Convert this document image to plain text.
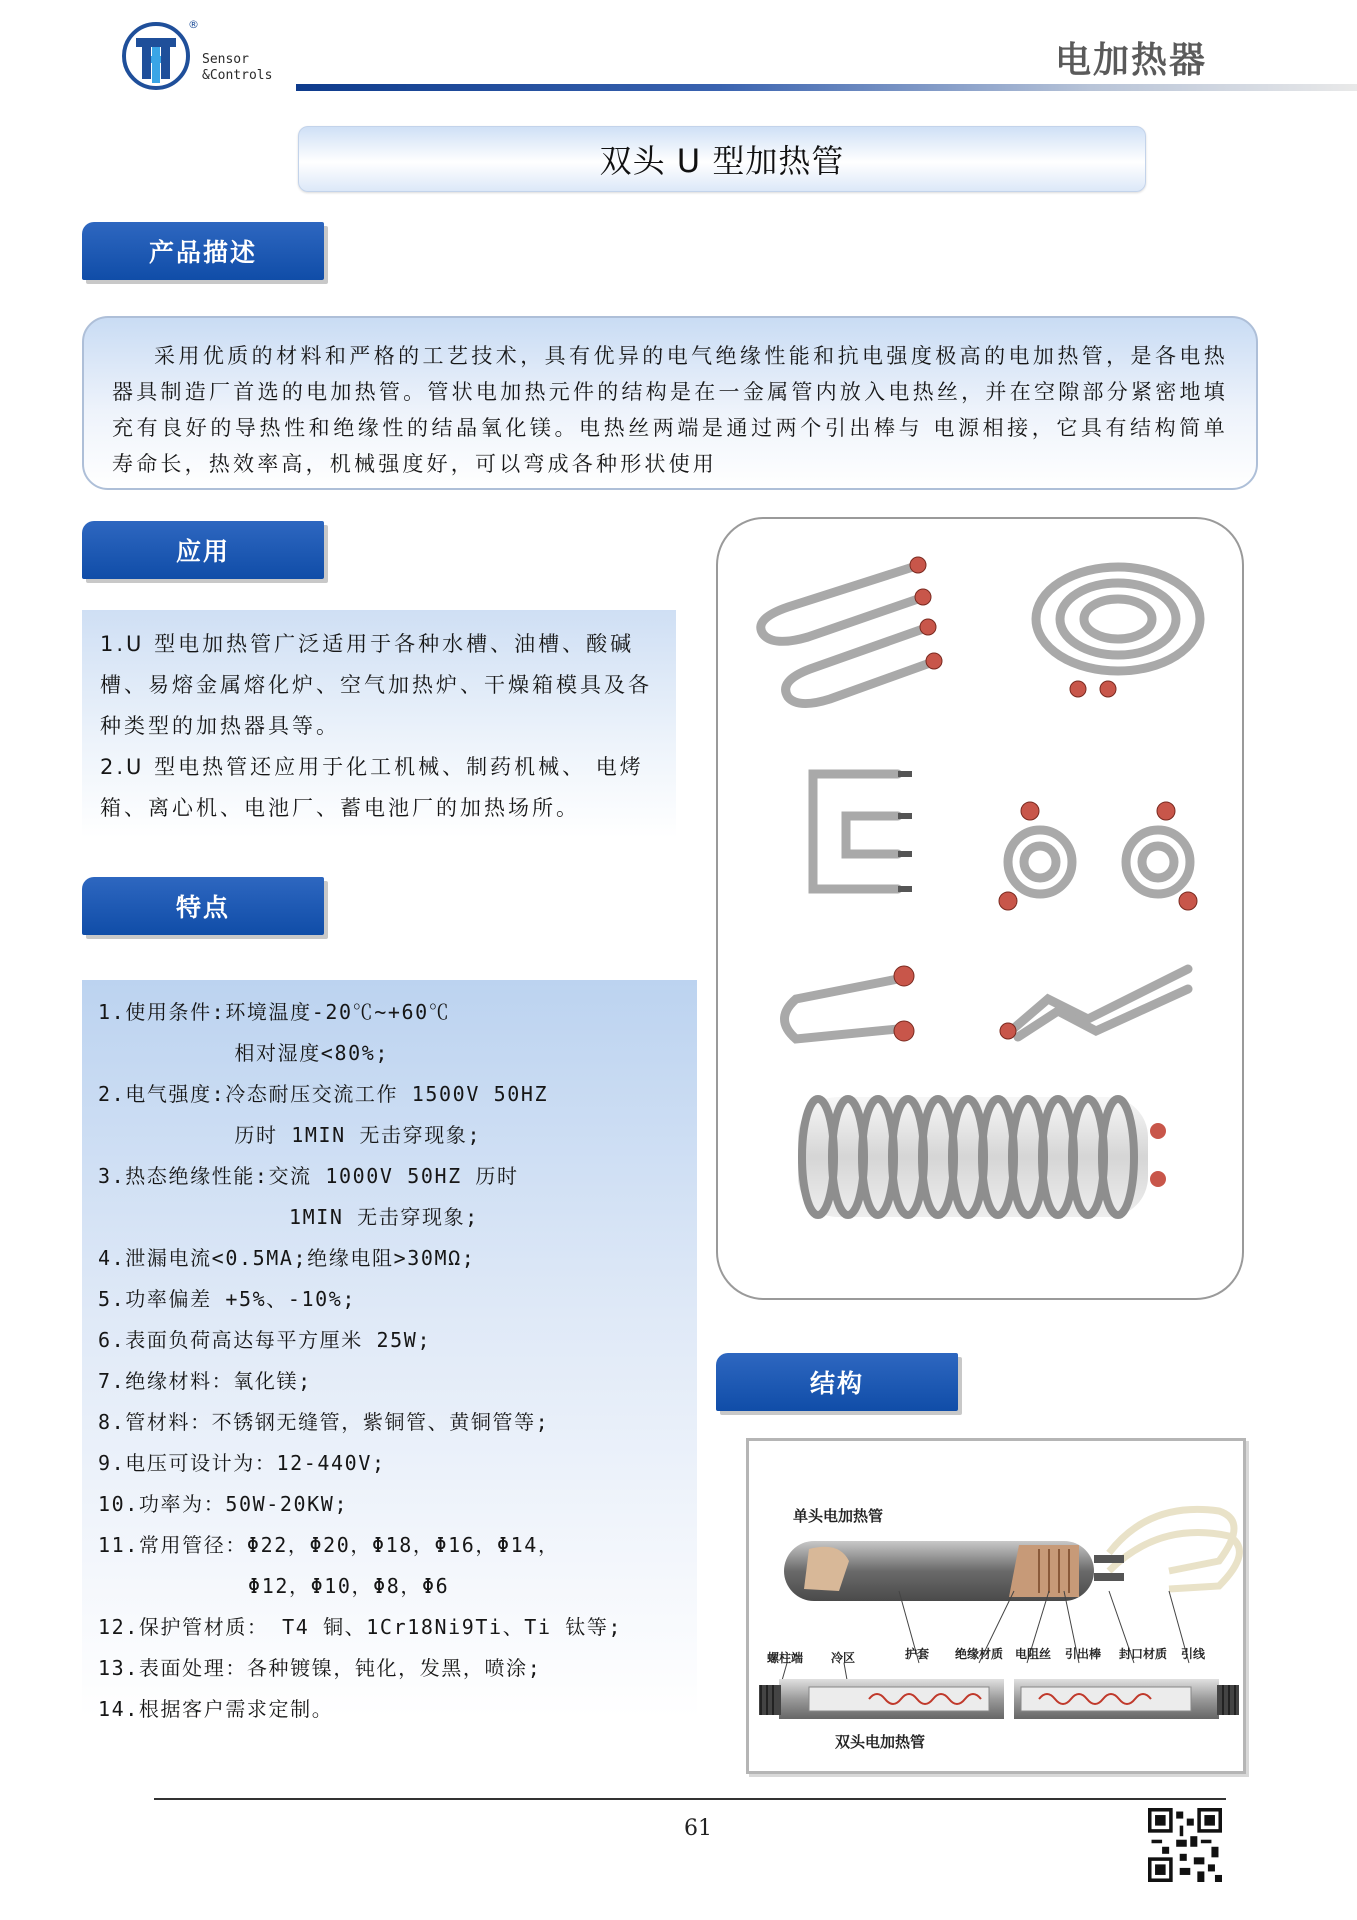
®
Sensor
&Controls	电加热器
双头 U 型加热管
产品描述

采用优质的材料和严格的工艺技术，具有优异的电气绝缘性能和抗电强度极高的电加热管，是各电热器具制造厂首选的电加热管。管状电加热元件的结构是在一金属管内放入电热丝，并在空隙部分紧密地填充有良好的导热性和绝缘性的结晶氧化镁。电热丝两端是通过两个引出棒与 电源相接，它具有结构简单寿命长，热效率高，机械强度好，可以弯成各种形状使用

应用

1.U 型电加热管广泛适用于各种水槽、油槽、酸碱槽、易熔金属熔化炉、空气加热炉、干燥箱模具及各种类型的加热器具等。

2.U 型电热管还应用于化工机械、制药机械、 电烤箱、离心机、电池厂、蓄电池厂的加热场所。

特点
1.使用条件:环境温度-20℃~+60℃
相对湿度<80%;
2.电气强度:冷态耐压交流工作 1500V 50HZ
历时 1MIN 无击穿现象;
3.热态绝缘性能:交流 1000V 50HZ 历时
1MIN 无击穿现象;
4.泄漏电流<0.5MA;绝缘电阻>30MΩ;
5.功率偏差 +5%、-10%;
6.表面负荷高达每平方厘米 25W;
7.绝缘材料：氧化镁;
8.管材料：不锈钢无缝管，紫铜管、黄铜管等;
9.电压可设计为：12-440V;
10.功率为：50W-20KW;
11.常用管径：Φ22，Φ20，Φ18，Φ16，Φ14，
Φ12，Φ10，Φ8，Φ6
12.保护管材质： T4 铜、1Cr18Ni9Ti、Ti 钛等;
13.表面处理：各种镀镍，钝化，发黑，喷涂;
14.根据客户需求定制。
结构
单头电加热管
螺柱端 冷区	护套 绝缘材质 电阻丝 引出棒 封口材质 引线
双头电加热管
61
